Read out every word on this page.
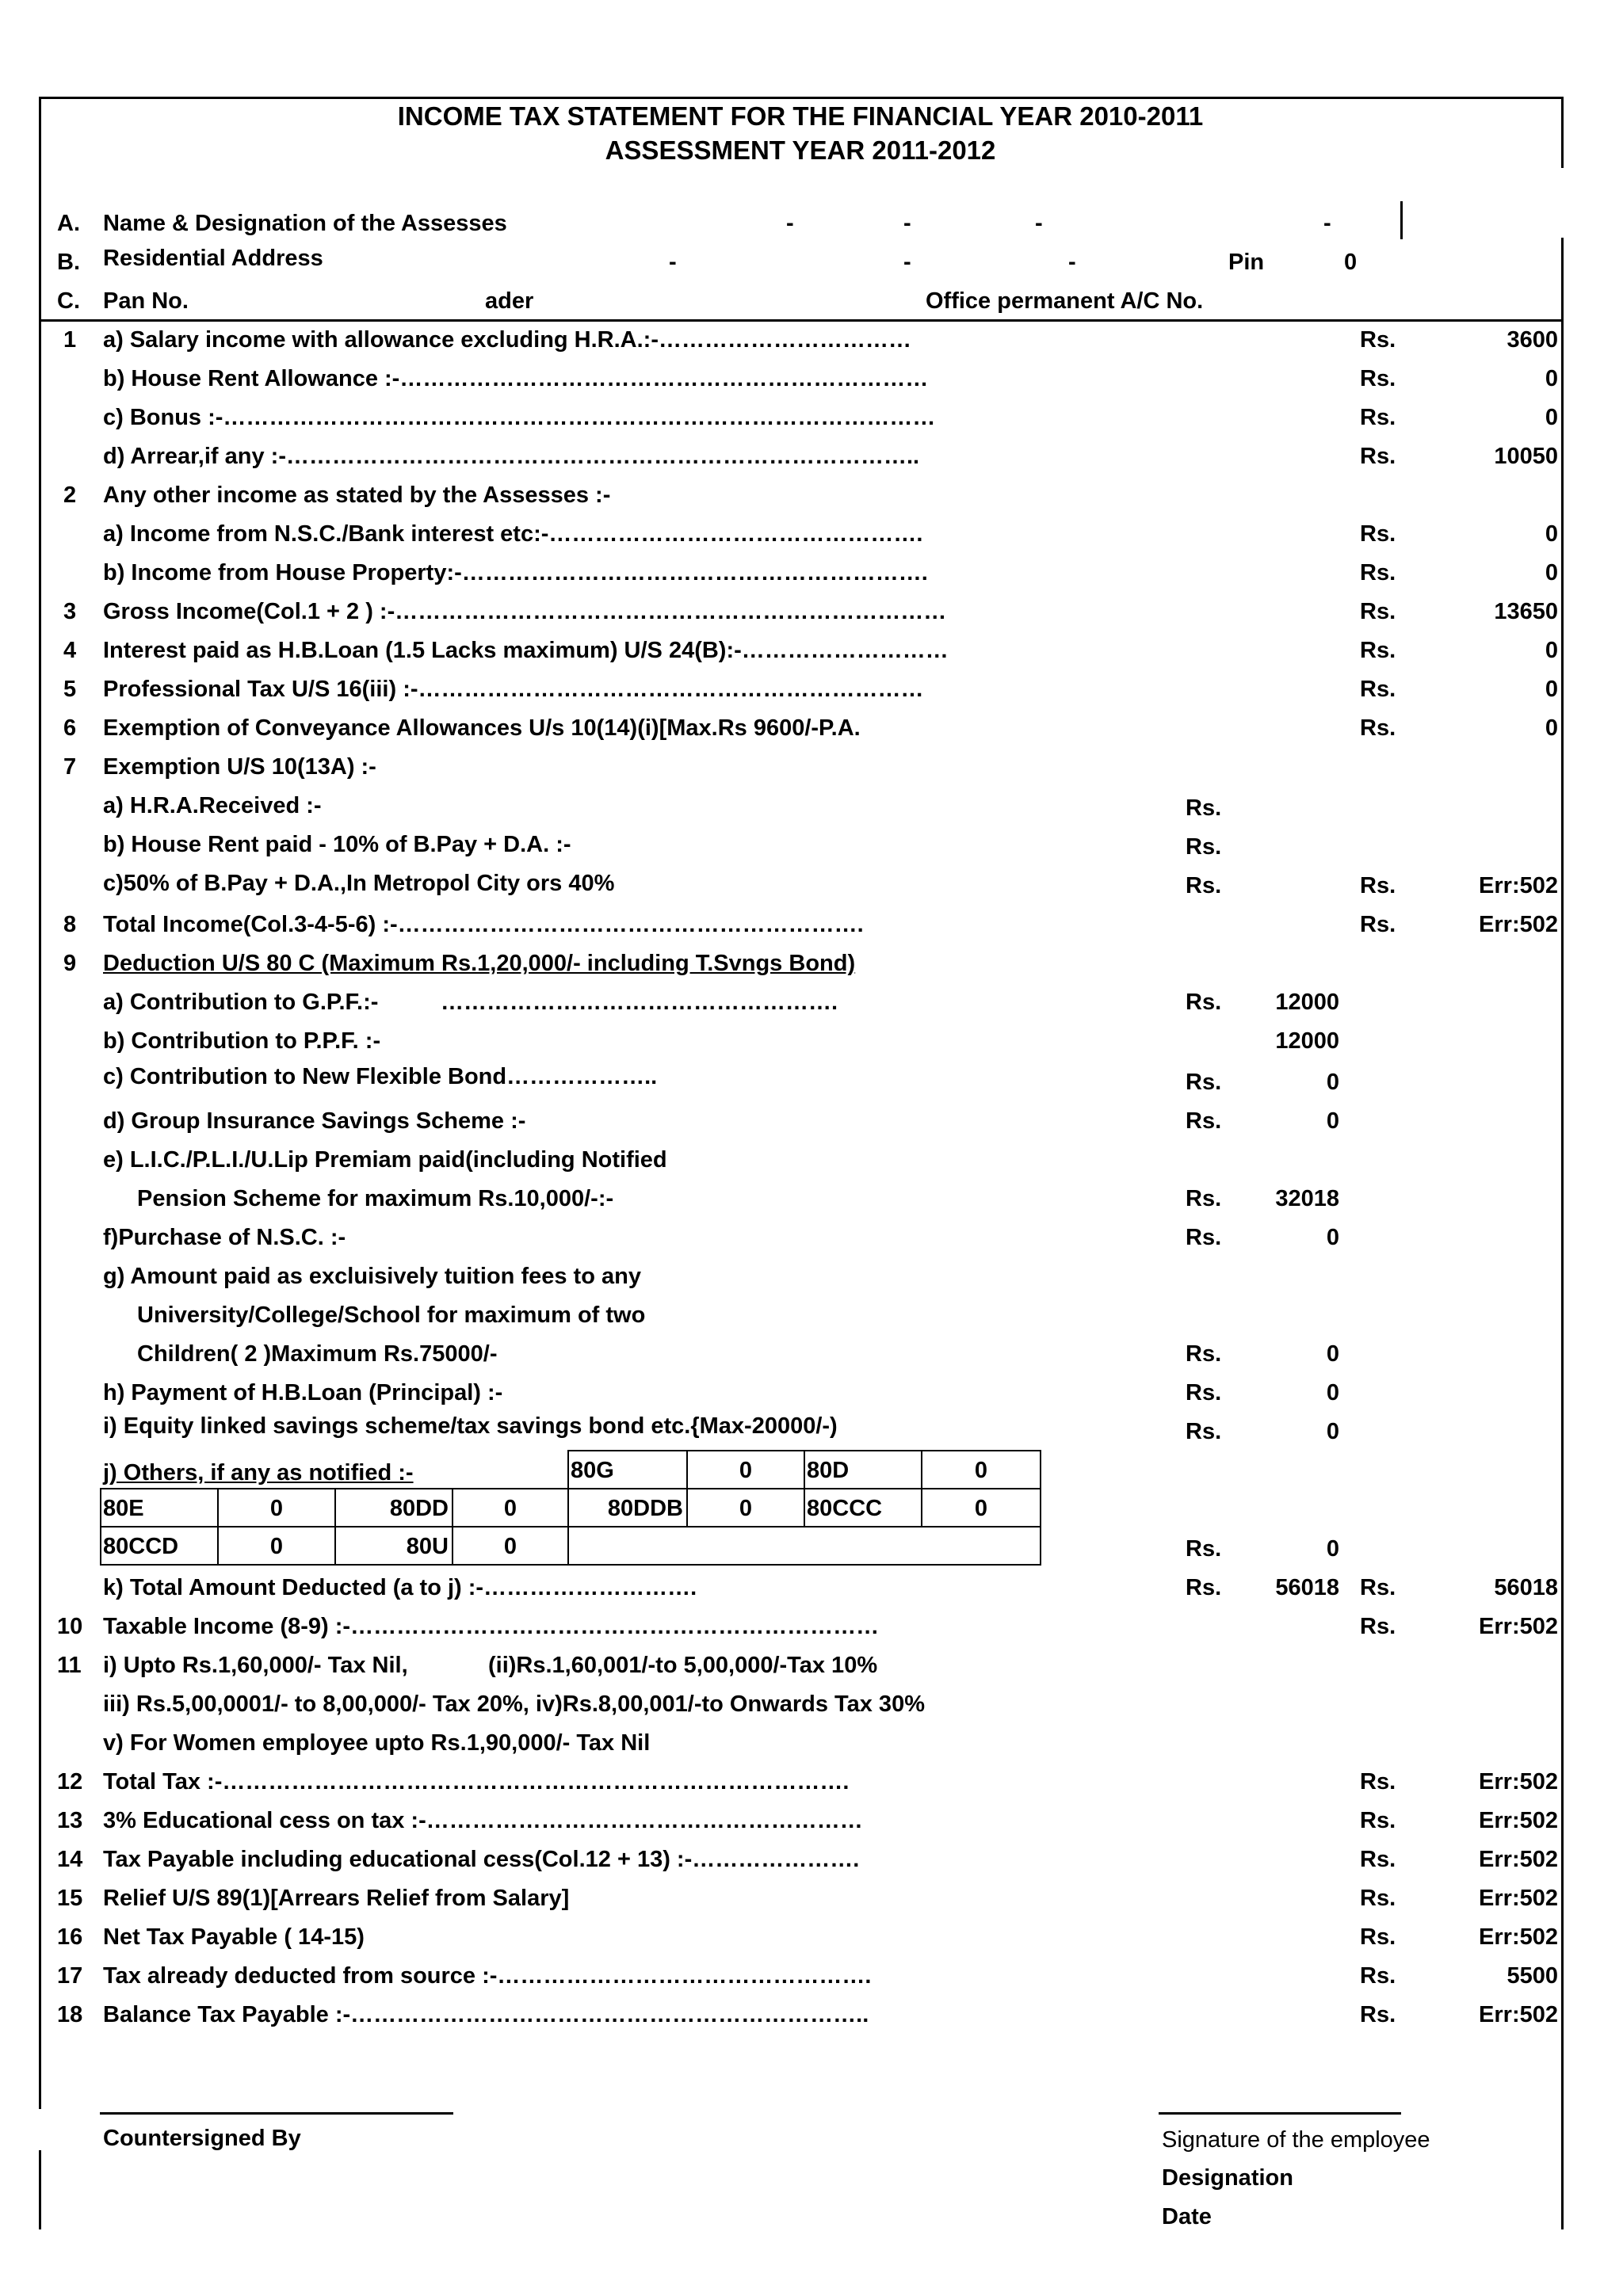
INCOME TAX STATEMENT FOR THE FINANCIAL YEAR 2010-2011
ASSESSMENT YEAR 2011-2012
A. Name & Designation of the Assesses	-	-	-	-
B. Residential Address	-	-	-	Pin	0
C. Pan No.	ader	Office permanent A/C No.
1 a) Salary income with allowance excluding H.R.A.:-……………………………	Rs.	3600
b) House Rent Allowance :-……………………………………………………………	Rs.	0
c) Bonus :-…………………………………………………………………………………	Rs.	0
d) Arrear,if any :-………………………………………………………………………..	Rs.	10050
2 Any other income as stated by the Assesses :-
a) Income from N.S.C./Bank interest etc:-………………………………………….	Rs.	0
b) Income from House Property:-…………………………………………………….	Rs.	0
3 Gross Income(Col.1 + 2 ) :-………………………………………………………………	Rs.	13650
4 Interest paid as H.B.Loan (1.5 Lacks maximum) U/S 24(B):-………………………	Rs.	0
5 Professional Tax U/S 16(iii) :-…………………………………………………………	Rs.	0
6 Exemption of Conveyance Allowances U/s 10(14)(i)[Max.Rs 9600/-P.A.	Rs.	0
7 Exemption U/S 10(13A) :-
a) H.R.A.Received :-	Rs.
b) House Rent paid - 10% of B.Pay + D.A. :-	Rs.
c)50% of B.Pay + D.A.,In Metropol City ors 40%	Rs.	Rs.	Err:502
8 Total Income(Col.3-4-5-6) :-…………………………………………………….	Rs.	Err:502
9 Deduction U/S 80 C (Maximum Rs.1,20,000/- including T.Svngs Bond)
a) Contribution to G.P.F.:-	…………………………………………….	Rs.	12000
b) Contribution to P.P.F. :-	12000
c) Contribution to New Flexible Bond………………..	Rs.	0
d) Group Insurance Savings Scheme :-	Rs.	0
e) L.I.C./P.L.I./U.Lip Premiam paid(including Notified
Pension Scheme for maximum Rs.10,000/-:-	Rs.	32018
f)Purchase of N.S.C. :-	Rs.	0
g) Amount paid as excluisively tuition fees to any
University/College/School for maximum of two
Children( 2 )Maximum Rs.75000/-	Rs.	0
h) Payment of H.B.Loan (Principal) :-	Rs.	0
i) Equity linked savings scheme/tax savings bond etc.{Max-20000/-)	Rs.	0
j) Others, if any as notified :-	80G	0	80D	0
80E	0	80DD	0	80DDB	0	80CCC	0
80CCD	0	80U	0	Rs.	0
k) Total Amount Deducted (a to j) :-……………………….	Rs.	56018 Rs.	56018
10 Taxable Income (8-9) :-……………………………………………………………	Rs.	Err:502
11 i) Upto Rs.1,60,000/- Tax Nil,	(ii)Rs.1,60,001/-to 5,00,000/-Tax 10%
iii) Rs.5,00,0001/- to 8,00,000/- Tax 20%, iv)Rs.8,00,001/-to Onwards Tax 30%
v) For Women employee upto Rs.1,90,000/- Tax Nil
12 Total Tax :-……………………………………………………………………….	Rs.	Err:502
13 3% Educational cess on tax :-…………………………………………………	Rs.	Err:502
14 Tax Payable including educational cess(Col.12 + 13) :-………………….	Rs.	Err:502
15 Relief U/S 89(1)[Arrears Relief from Salary]	Rs.	Err:502
16 Net Tax Payable ( 14-15)	Rs.	Err:502
17 Tax already deducted from source :-………………………………………….	Rs.	5500
18 Balance Tax Payable :-…………………………………………………………..	Rs.	Err:502
Countersigned By	Signature of the employee
Designation
Date
